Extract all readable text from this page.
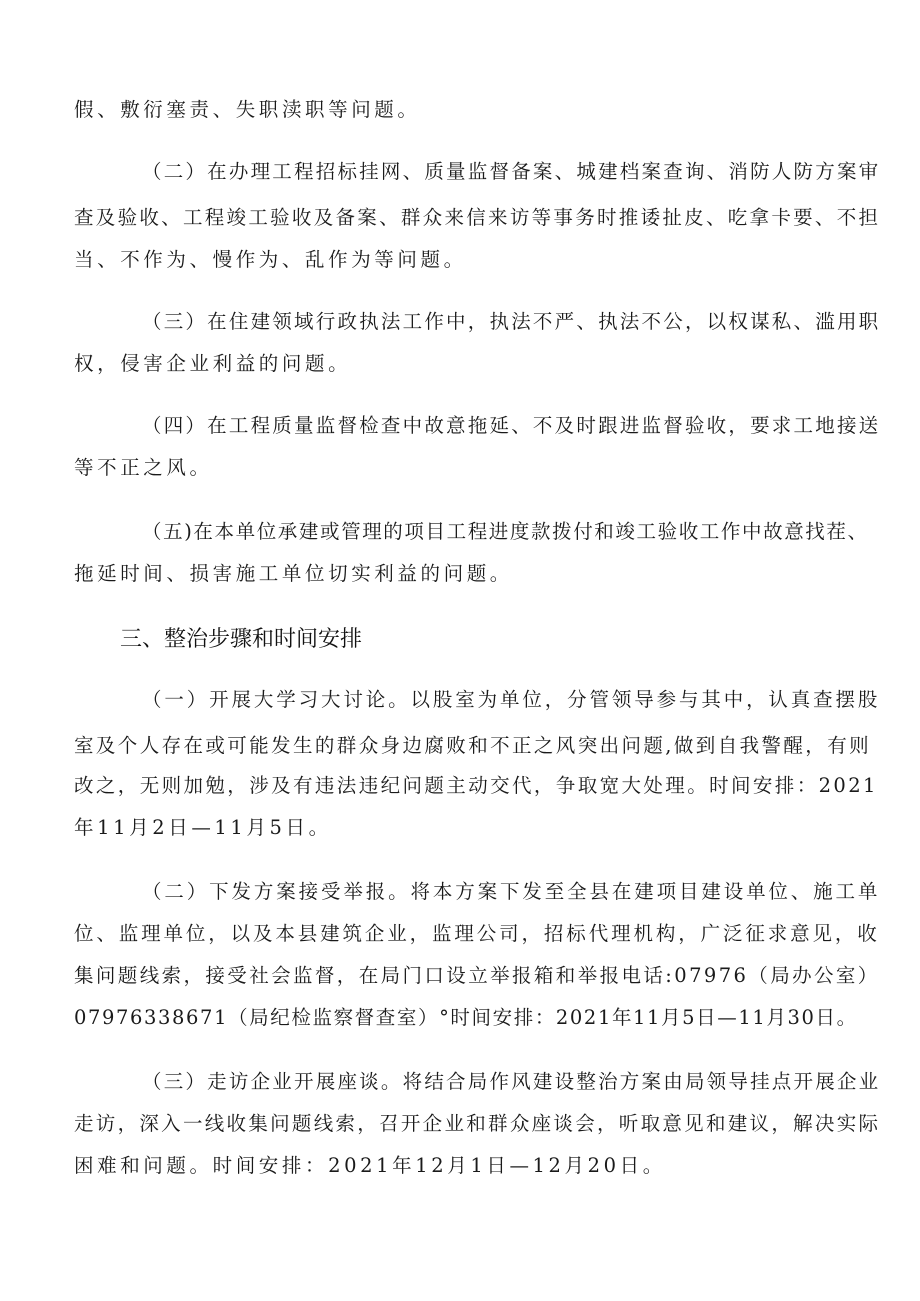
假、敷衍塞责、失职渎职等问题。
（二）在办理工程招标挂网、质量监督备案、城建档案查询、消防人防方案审
查及验收、工程竣工验收及备案、群众来信来访等事务时推诿扯皮、吃拿卡要、不担
当、不作为、慢作为、乱作为等问题。
（三）在住建领域行政执法工作中，执法不严、执法不公，以权谋私、滥用职
权，侵害企业利益的问题。
（四）在工程质量监督检查中故意拖延、不及时跟进监督验收，要求工地接送
等不正之风。
（五)在本单位承建或管理的项目工程进度款拨付和竣工验收工作中故意找茬、
拖延时间、损害施工单位切实利益的问题。
三、整治步骤和时间安排
（一）开展大学习大讨论。以股室为单位，分管领导参与其中，认真查摆股
室及个人存在或可能发生的群众身边腐败和不正之风突出问题,做到自我警醒，有则
改之，无则加勉，涉及有违法违纪问题主动交代，争取宽大处理。时间安排：2021
年11月2日—11月5日。
（二）下发方案接受举报。将本方案下发至全县在建项目建设单位、施工单
位、监理单位，以及本县建筑企业，监理公司，招标代理机构，广泛征求意见，收
集问题线索，接受社会监督，在局门口设立举报箱和举报电话:07976（局办公室）
07976338671（局纪检监察督查室）°时间安排：2021年11月5日—11月30日。
（三）走访企业开展座谈。将结合局作风建设整治方案由局领导挂点开展企业
走访，深入一线收集问题线索，召开企业和群众座谈会，听取意见和建议，解决实际
困难和问题。时间安排：2021年12月1日—12月20日。
